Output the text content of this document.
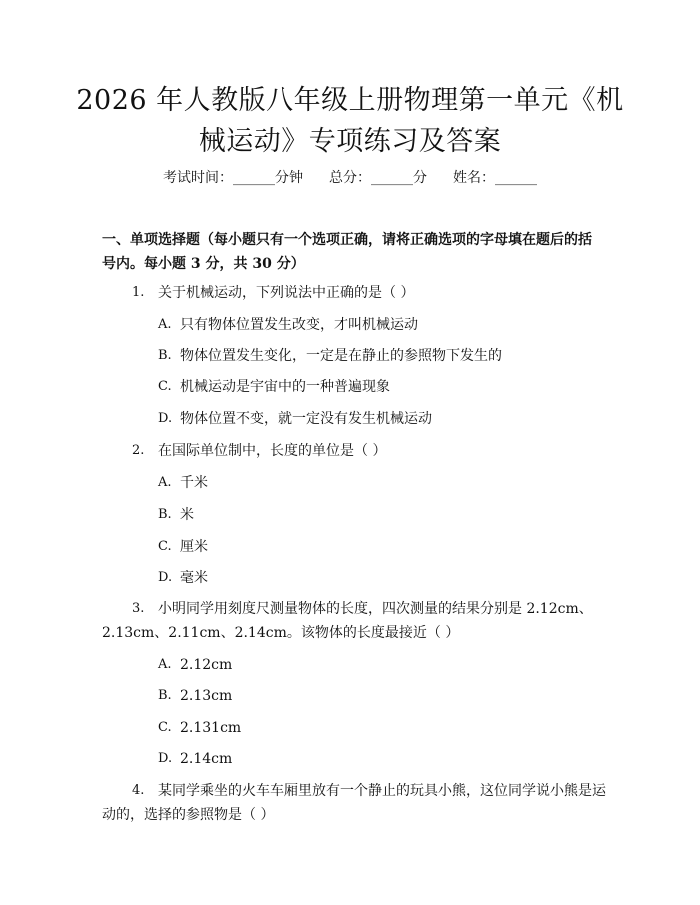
2026 年人教版八年级上册物理第一单元《机
械运动》专项练习及答案
考试时间：______分钟 总分：______分 姓名：______

一、单项选择题（每小题只有一个选项正确，请将正确选项的字母填在题后的括

号内。每小题 3 分，共 30 分）

1. 关于机械运动，下列说法中正确的是（ ）
A. 只有物体位置发生改变，才叫机械运动
B. 物体位置发生变化，一定是在静止的参照物下发生的
C. 机械运动是宇宙中的一种普遍现象
D. 物体位置不变，就一定没有发生机械运动
2. 在国际单位制中，长度的单位是（ ）
A. 千米
B. 米
C. 厘米
D. 毫米
3. 小明同学用刻度尺测量物体的长度，四次测量的结果分别是 2.12cm、
2.13cm、2.11cm、2.14cm。该物体的长度最接近（ ）
A. 2.12cm
B. 2.13cm
C. 2.131cm
D. 2.14cm
4. 某同学乘坐的火车车厢里放有一个静止的玩具小熊，这位同学说小熊是运
动的，选择的参照物是（ ）
